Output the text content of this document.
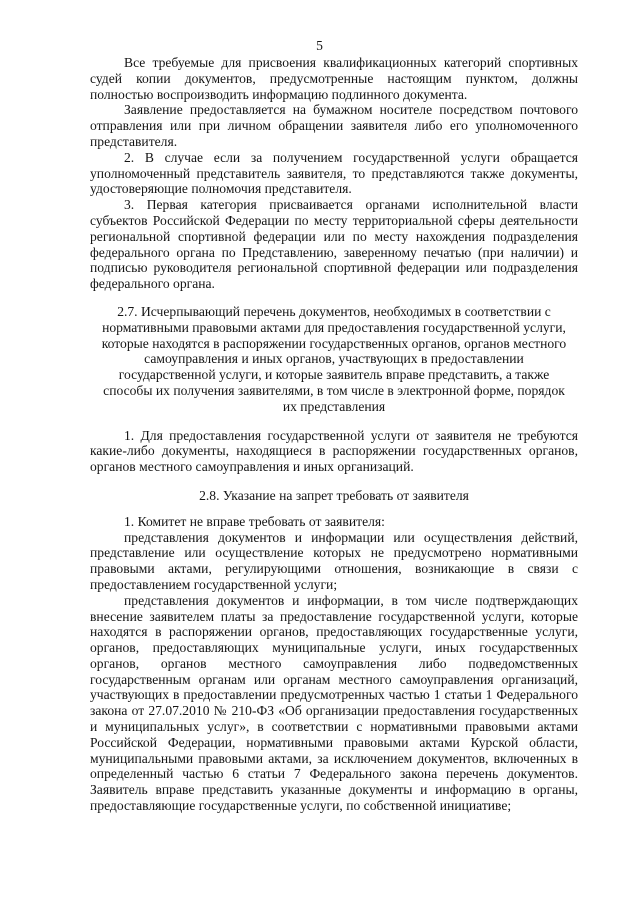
5

Все требуемые для присвоения квалификационных категорий спортивных судей копии документов, предусмотренные настоящим пунктом, должны полностью воспроизводить информацию подлинного документа.

Заявление предоставляется на бумажном носителе посредством почтового отправления или при личном обращении заявителя либо его уполномоченного представителя.

2. В случае если за получением государственной услуги обращается уполномоченный представитель заявителя, то представляются также документы, удостоверяющие полномочия представителя.

3. Первая категория присваивается органами исполнительной власти субъектов Российской Федерации по месту территориальной сферы деятельности региональной спортивной федерации или по месту нахождения подразделения федерального органа по Представлению, заверенному печатью (при наличии) и подписью руководителя региональной спортивной федерации или подразделения федерального органа.

2.7. Исчерпывающий перечень документов, необходимых в соответствии с нормативными правовыми актами для предоставления государственной услуги, которые находятся в распоряжении государственных органов, органов местного самоуправления и иных органов, участвующих в предоставлении государственной услуги, и которые заявитель вправе представить, а также способы их получения заявителями, в том числе в электронной форме, порядок их представления

1. Для предоставления государственной услуги от заявителя не требуются какие-либо документы, находящиеся в распоряжении государственных органов, органов местного самоуправления и иных организаций.

2.8. Указание на запрет требовать от заявителя

1. Комитет не вправе требовать от заявителя:

представления документов и информации или осуществления действий, представление или осуществление которых не предусмотрено нормативными правовыми актами, регулирующими отношения, возникающие в связи с предоставлением государственной услуги;

представления документов и информации, в том числе подтверждающих внесение заявителем платы за предоставление государственной услуги, которые находятся в распоряжении органов, предоставляющих государственные услуги, органов, предоставляющих муниципальные услуги, иных государственных органов, органов местного самоуправления либо подведомственных государственным органам или органам местного самоуправления организаций, участвующих в предоставлении предусмотренных частью 1 статьи 1 Федерального закона от 27.07.2010 № 210-ФЗ «Об организации предоставления государственных и муниципальных услуг», в соответствии с нормативными правовыми актами Российской Федерации, нормативными правовыми актами Курской области, муниципальными правовыми актами, за исключением документов, включенных в определенный частью 6 статьи 7 Федерального закона перечень документов. Заявитель вправе представить указанные документы и информацию в органы, предоставляющие государственные услуги, по собственной инициативе;
